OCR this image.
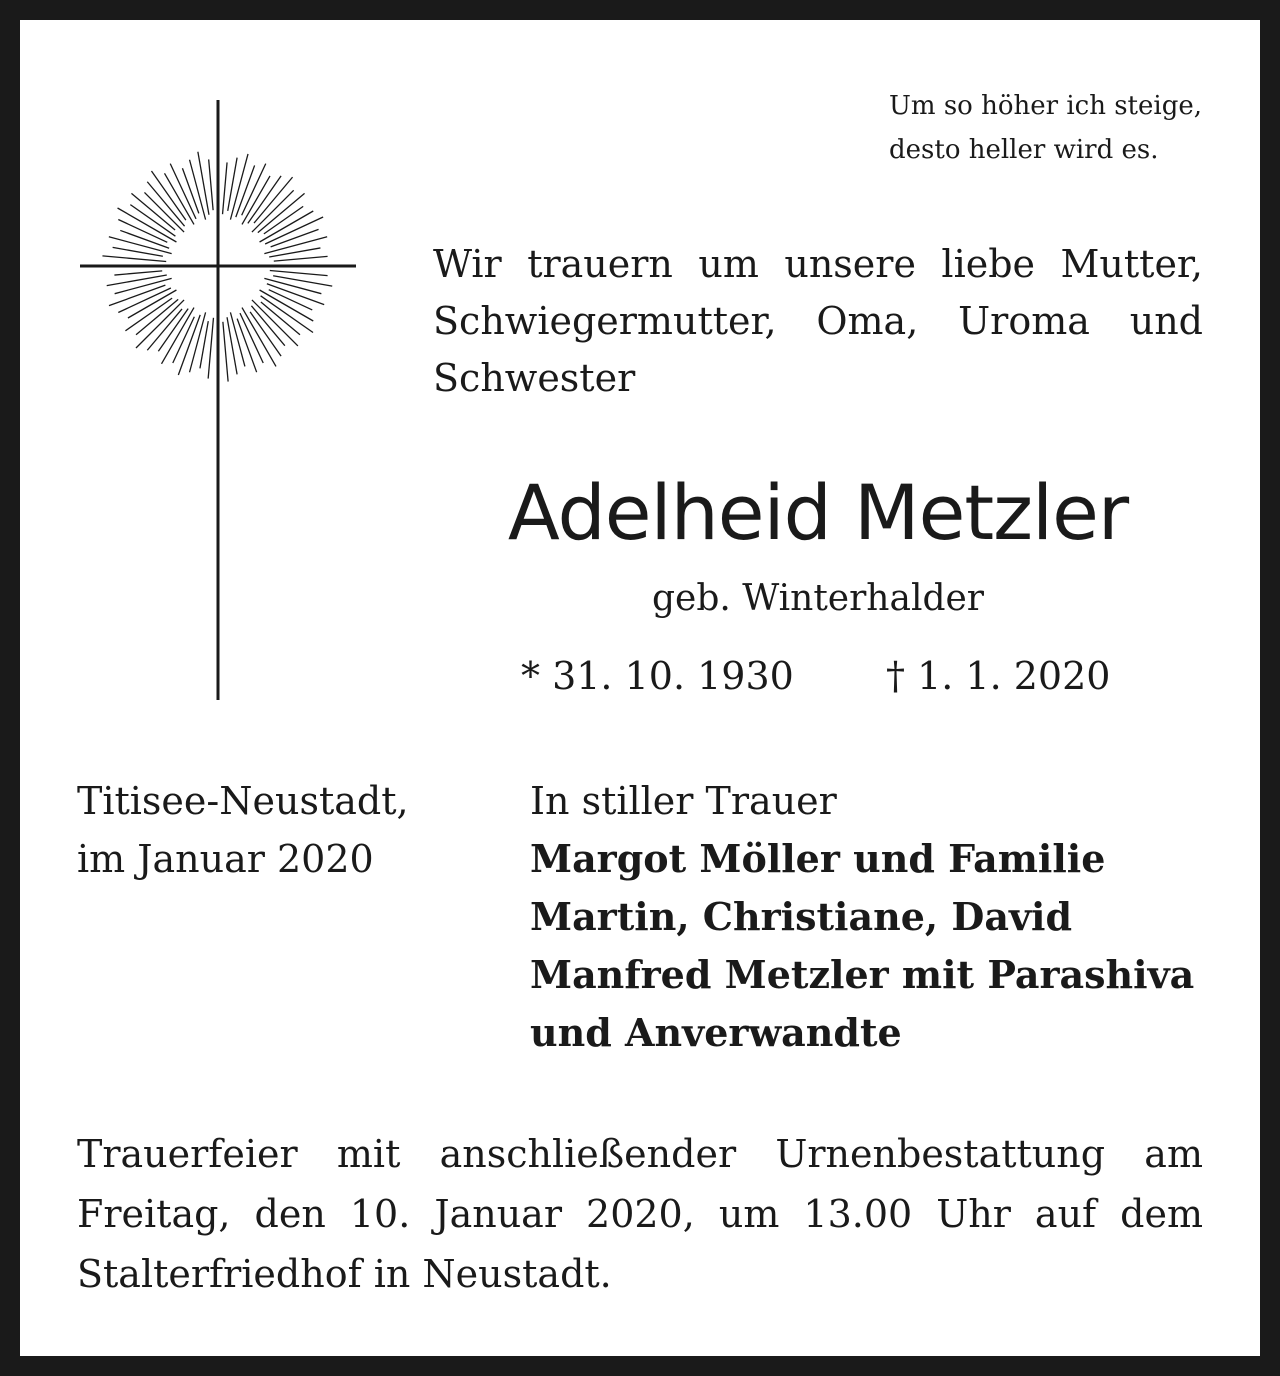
Um so höher ich steige,
desto heller wird es.
Wir trauern um unsere liebe Mutter, Schwiegermutter, Oma, Uroma und Schwester
Adelheid Metzler
geb. Winterhalder
* 31. 10. 1930 † 1. 1. 2020
Titisee-Neustadt,
im Januar 2020
In stiller Trauer
Margot Möller und Familie
Martin, Christiane, David
Manfred Metzler mit Parashiva
und Anverwandte
Trauerfeier mit anschließender Urnenbestattung am
Freitag, den 10. Januar 2020, um 13.00 Uhr auf dem
Stalterfriedhof in Neustadt.
